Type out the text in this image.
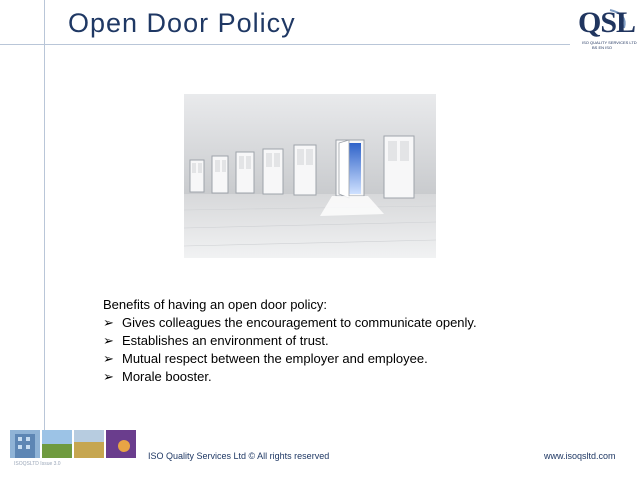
Open Door Policy	QSL
ISO QUALITY SERVICES LTD
BS EN ISO

Benefits of having an open door policy:

➢ Gives colleagues the encouragement to communicate openly.
➢ Establishes an environment of trust.
➢ Mutual respect between the employer and employee.
➢ Morale booster.
ISOQSLTD Issue 3.0
ISO Quality Services Ltd © All rights reserved	www.isoqsltd.com
